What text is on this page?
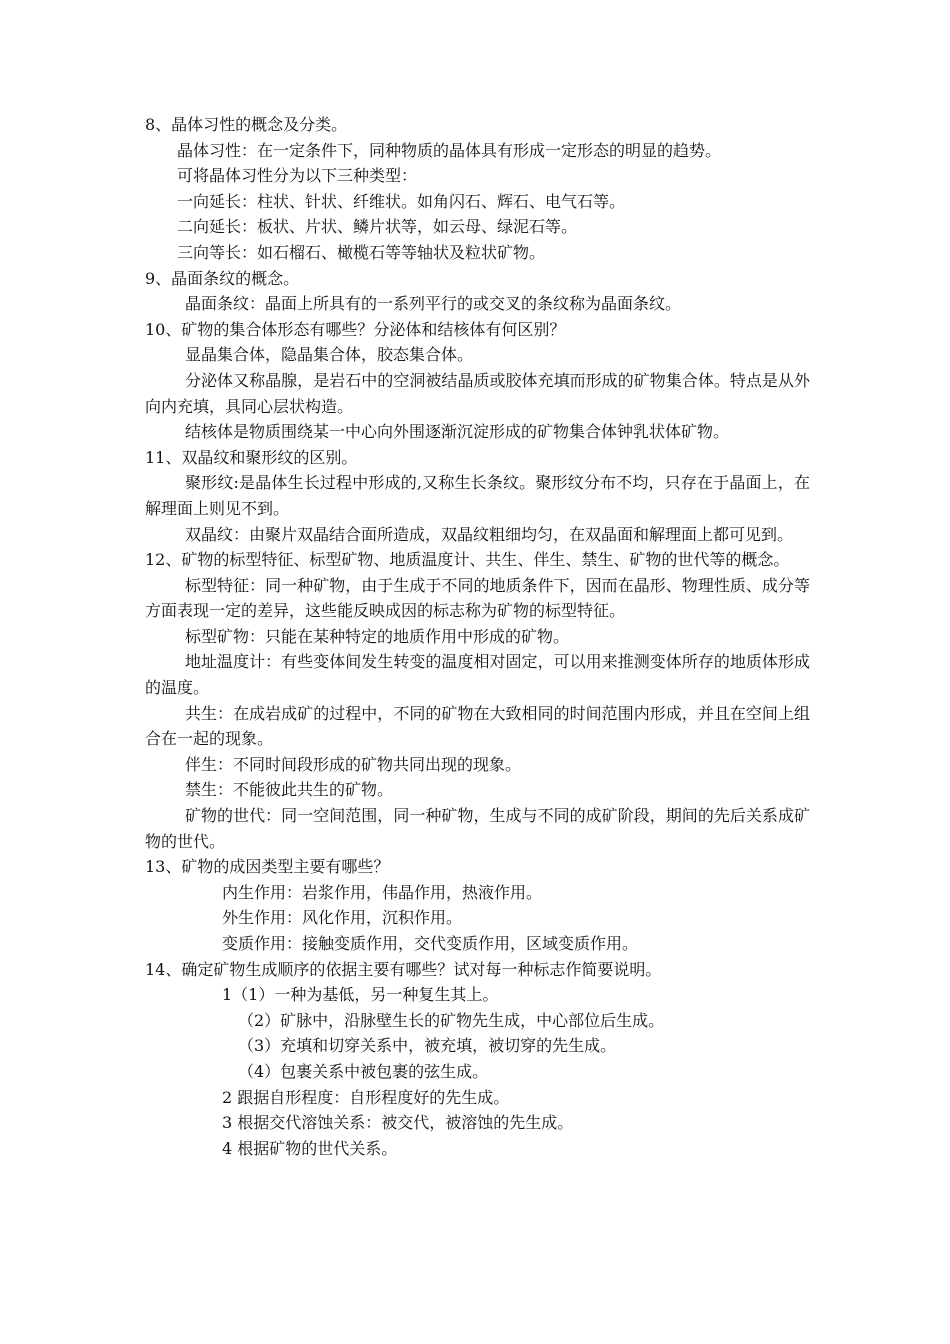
8、晶体习性的概念及分类。

晶体习性：在一定条件下，同种物质的晶体具有形成一定形态的明显的趋势。

可将晶体习性分为以下三种类型：

一向延长：柱状、针状、纤维状。如角闪石、辉石、电气石等。

二向延长：板状、片状、鳞片状等，如云母、绿泥石等。

三向等长：如石榴石、橄榄石等等轴状及粒状矿物。

9、晶面条纹的概念。

晶面条纹：晶面上所具有的一系列平行的或交叉的条纹称为晶面条纹。

10、矿物的集合体形态有哪些？分泌体和结核体有何区别？

显晶集合体，隐晶集合体，胶态集合体。

分泌体又称晶腺，是岩石中的空洞被结晶质或胶体充填而形成的矿物集合体。特点是从外向内充填，具同心层状构造。

结核体是物质围绕某一中心向外围逐渐沉淀形成的矿物集合体钟乳状体矿物。

11、双晶纹和聚形纹的区别。

聚形纹:是晶体生长过程中形成的,又称生长条纹。聚形纹分布不均，只存在于晶面上，在解理面上则见不到。

双晶纹：由聚片双晶结合面所造成，双晶纹粗细均匀，在双晶面和解理面上都可见到。

12、矿物的标型特征、标型矿物、地质温度计、共生、伴生、禁生、矿物的世代等的概念。

标型特征：同一种矿物，由于生成于不同的地质条件下，因而在晶形、物理性质、成分等方面表现一定的差异，这些能反映成因的标志称为矿物的标型特征。

标型矿物：只能在某种特定的地质作用中形成的矿物。

地址温度计：有些变体间发生转变的温度相对固定，可以用来推测变体所存的地质体形成的温度。

共生：在成岩成矿的过程中，不同的矿物在大致相同的时间范围内形成，并且在空间上组合在一起的现象。

伴生：不同时间段形成的矿物共同出现的现象。

禁生：不能彼此共生的矿物。

矿物的世代：同一空间范围，同一种矿物，生成与不同的成矿阶段，期间的先后关系成矿物的世代。

13、矿物的成因类型主要有哪些？

内生作用：岩浆作用，伟晶作用，热液作用。

外生作用：风化作用，沉积作用。

变质作用：接触变质作用，交代变质作用，区域变质作用。

14、确定矿物生成顺序的依据主要有哪些？试对每一种标志作简要说明。

1（1）一种为基低，另一种复生其上。

（2）矿脉中，沿脉壁生长的矿物先生成，中心部位后生成。

（3）充填和切穿关系中，被充填，被切穿的先生成。

（4）包裹关系中被包裹的弦生成。

2 跟据自形程度：自形程度好的先生成。

3 根据交代溶蚀关系：被交代，被溶蚀的先生成。

4 根据矿物的世代关系。
